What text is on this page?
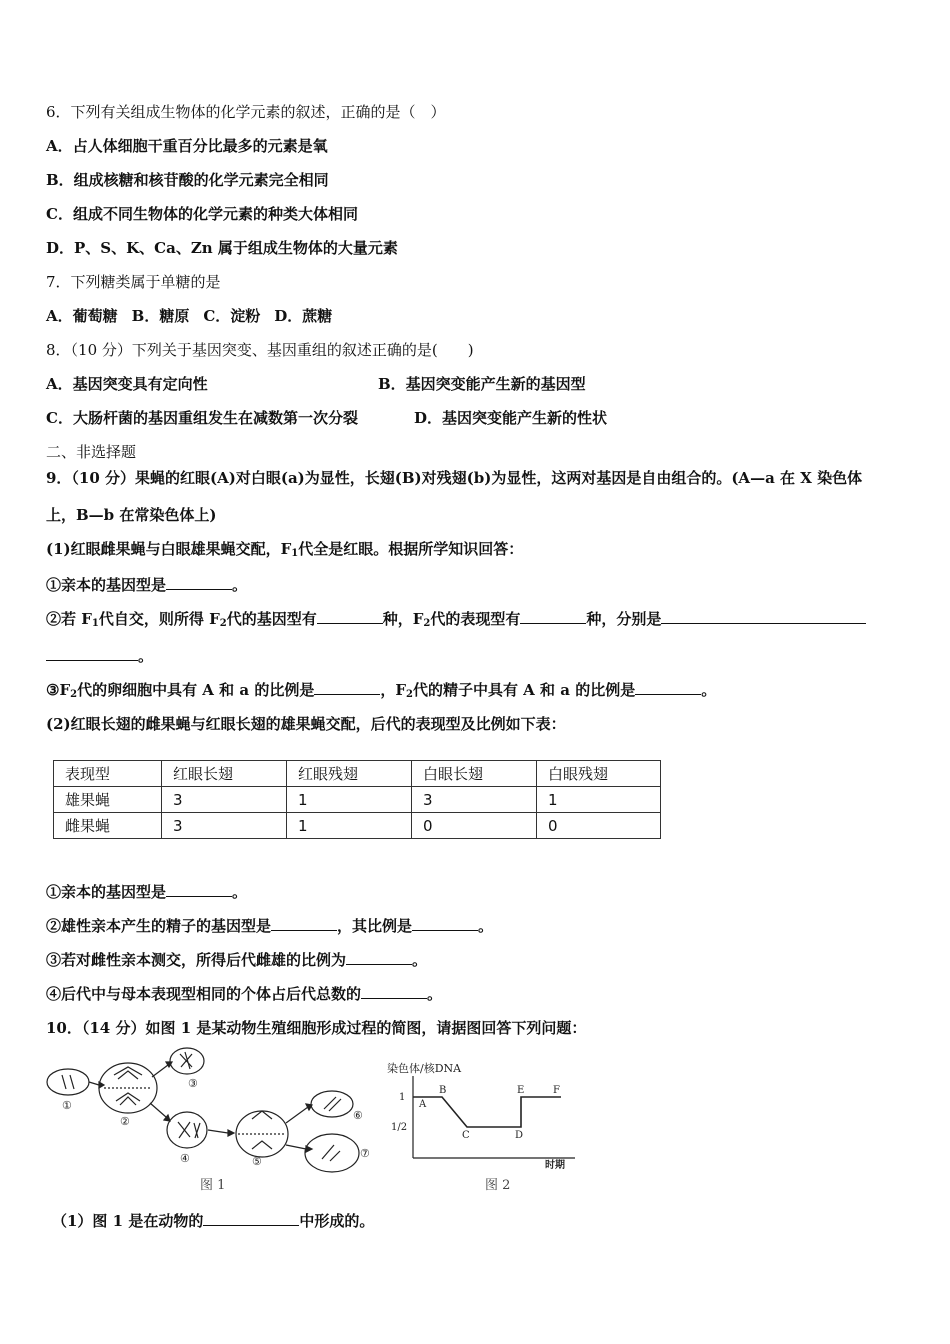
6．下列有关组成生物体的化学元素的叙述，正确的是（　）
A．占人体细胞干重百分比最多的元素是氧
B．组成核糖和核苷酸的化学元素完全相同
C．组成不同生物体的化学元素的种类大体相同
D．P、S、K、Ca、Zn 属于组成生物体的大量元素
7．下列糖类属于单糖的是
A．葡萄糖 B．糖原 C．淀粉 D．蔗糖
8．（10 分）下列关于基因突变、基因重组的叙述正确的是(　　)
A．基因突变具有定向性	B．基因突变能产生新的基因型
C．大肠杆菌的基因重组发生在减数第一次分裂	D．基因突变能产生新的性状
二、非选择题
9．（10 分）果蝇的红眼(A)对白眼(a)为显性，长翅(B)对残翅(b)为显性，这两对基因是自由组合的。(A—a 在 X 染色体
上，B—b 在常染色体上)
(1)红眼雌果蝇与白眼雄果蝇交配，$F_1$代全是红眼。根据所学知识回答：
①亲本的基因型是	。
②若 $F_1$代自交，则所得 $F_2$代的基因型有	种，$F_2$代的表现型有	种，分别是
。
$③F_2$代的卵细胞中具有 A 和 a 的比例是	，$F_2$代的精子中具有 A 和 a 的比例是	。
(2)红眼长翅的雌果蝇与红眼长翅的雄果蝇交配，后代的表现型及比例如下表：
表现型	红眼长翅	红眼残翅	白眼长翅	白眼残翅
雄果蝇	3	1	3	1
雌果蝇	3	1	0	0
①亲本的基因型是	。
②雄性亲本产生的精子的基因型是	，其比例是	。
③若对雌性亲本测交，所得后代雌雄的比例为	。
④后代中与母本表现型相同的个体占后代总数的	。
10．（14 分）如图 1 是某动物生殖细胞形成过程的简图，请据图回答下列问题：
①
②
③
④	⑤
⑥
⑦
图 1
染色体/核DNA
1
1/2
A
B
C	D
E	F
时期
图 2
（1）图 1 是在动物的	中形成的。
